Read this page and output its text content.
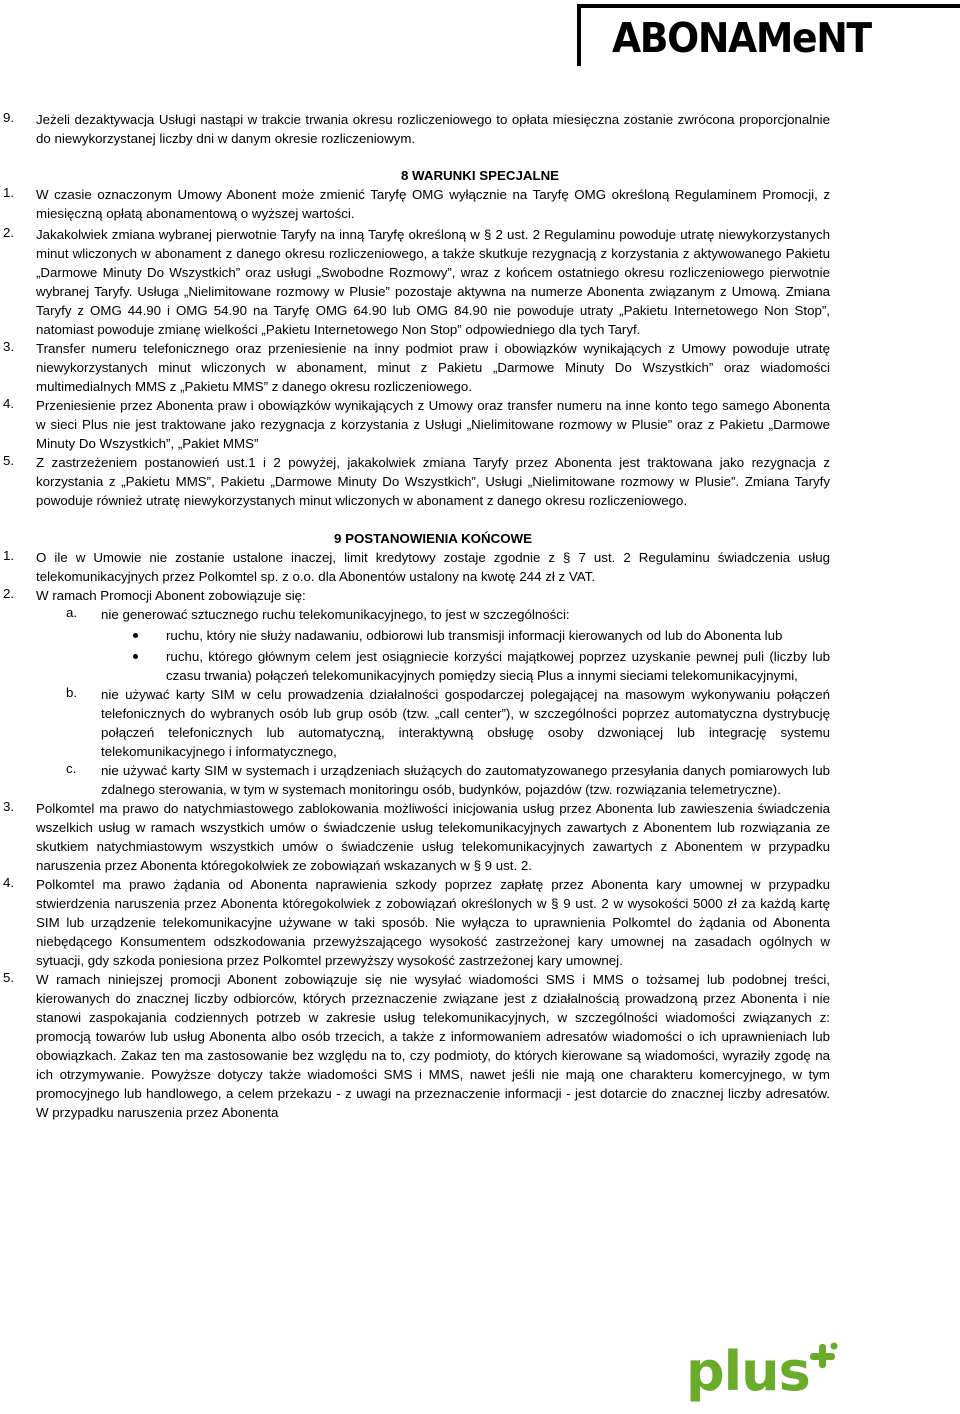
ABONAMeNT
9. Jeżeli dezaktywacja Usługi nastąpi w trakcie trwania okresu rozliczeniowego to opłata miesięczna zostanie zwrócona proporcjonalnie do niewykorzystanej liczby dni w danym okresie rozliczeniowym.

8 WARUNKI SPECJALNE

1. W czasie oznaczonym Umowy Abonent może zmienić Taryfę OMG wyłącznie na Taryfę OMG określoną Regulaminem Promocji, z miesięczną opłatą abonamentową o wyższej wartości.

2. Jakakolwiek zmiana wybranej pierwotnie Taryfy na inną Taryfę określoną w § 2 ust. 2 Regulaminu powoduje utratę niewykorzystanych minut wliczonych w abonament z danego okresu rozliczeniowego, a także skutkuje rezygnacją z korzystania z aktywowanego Pakietu „Darmowe Minuty Do Wszystkich” oraz usługi „Swobodne Rozmowy”, wraz z końcem ostatniego okresu rozliczeniowego pierwotnie wybranej Taryfy. Usługa „Nielimitowane rozmowy w Plusie” pozostaje aktywna na numerze Abonenta związanym z Umową. Zmiana Taryfy z OMG 44.90 i OMG 54.90 na Taryfę OMG 64.90 lub OMG 84.90 nie powoduje utraty „Pakietu Internetowego Non Stop”, natomiast powoduje zmianę wielkości „Pakietu Internetowego Non Stop” odpowiedniego dla tych Taryf.

3. Transfer numeru telefonicznego oraz przeniesienie na inny podmiot praw i obowiązków wynikających z Umowy powoduje utratę niewykorzystanych minut wliczonych w abonament, minut z Pakietu „Darmowe Minuty Do Wszystkich” oraz wiadomości multimedialnych MMS z „Pakietu MMS” z danego okresu rozliczeniowego.

4. Przeniesienie przez Abonenta praw i obowiązków wynikających z Umowy oraz transfer numeru na inne konto tego samego Abonenta w sieci Plus nie jest traktowane jako rezygnacja z korzystania z Usługi „Nielimitowane rozmowy w Plusie” oraz z Pakietu „Darmowe Minuty Do Wszystkich”, „Pakiet MMS”

5. Z zastrzeżeniem postanowień ust.1 i 2 powyżej, jakakolwiek zmiana Taryfy przez Abonenta jest traktowana jako rezygnacja z korzystania z „Pakietu MMS”, Pakietu „Darmowe Minuty Do Wszystkich”, Usługi „Nielimitowane rozmowy w Plusie”. Zmiana Taryfy powoduje również utratę niewykorzystanych minut wliczonych w abonament z danego okresu rozliczeniowego.

9 POSTANOWIENIA KOŃCOWE

1. O ile w Umowie nie zostanie ustalone inaczej, limit kredytowy zostaje zgodnie z § 7 ust. 2 Regulaminu świadczenia usług telekomunikacyjnych przez Polkomtel sp. z o.o. dla Abonentów ustalony na kwotę 244 zł z VAT.

2. W ramach Promocji Abonent zobowiązuje się:

a. nie generować sztucznego ruchu telekomunikacyjnego, to jest w szczególności:

ruchu, który nie służy nadawaniu, odbiorowi lub transmisji informacji kierowanych od lub do Abonenta lub

ruchu, którego głównym celem jest osiągniecie korzyści majątkowej poprzez uzyskanie pewnej puli (liczby lub czasu trwania) połączeń telekomunikacyjnych pomiędzy siecią Plus a innymi sieciami telekomunikacyjnymi,

b. nie używać karty SIM w celu prowadzenia działalności gospodarczej polegającej na masowym wykonywaniu połączeń telefonicznych do wybranych osób lub grup osób (tzw. „call center”), w szczególności poprzez automatyczna dystrybucję połączeń telefonicznych lub automatyczną, interaktywną obsługę osoby dzwoniącej lub integrację systemu telekomunikacyjnego i informatycznego,

c. nie używać karty SIM w systemach i urządzeniach służących do zautomatyzowanego przesyłania danych pomiarowych lub zdalnego sterowania, w tym w systemach monitoringu osób, budynków, pojazdów (tzw. rozwiązania telemetryczne).

3. Polkomtel ma prawo do natychmiastowego zablokowania możliwości inicjowania usług przez Abonenta lub zawieszenia świadczenia wszelkich usług w ramach wszystkich umów o świadczenie usług telekomunikacyjnych zawartych z Abonentem lub rozwiązania ze skutkiem natychmiastowym wszystkich umów o świadczenie usług telekomunikacyjnych zawartych z Abonentem w przypadku naruszenia przez Abonenta któregokolwiek ze zobowiązań wskazanych w § 9 ust. 2.

4. Polkomtel ma prawo żądania od Abonenta naprawienia szkody poprzez zapłatę przez Abonenta kary umownej w przypadku stwierdzenia naruszenia przez Abonenta któregokolwiek z zobowiązań określonych w § 9 ust. 2 w wysokości 5000 zł za każdą kartę SIM lub urządzenie telekomunikacyjne używane w taki sposób. Nie wyłącza to uprawnienia Polkomtel do żądania od Abonenta niebędącego Konsumentem odszkodowania przewyższającego wysokość zastrzeżonej kary umownej na zasadach ogólnych w sytuacji, gdy szkoda poniesiona przez Polkomtel przewyższy wysokość zastrzeżonej kary umownej.

5. W ramach niniejszej promocji Abonent zobowiązuje się nie wysyłać wiadomości SMS i MMS o tożsamej lub podobnej treści, kierowanych do znacznej liczby odbiorców, których przeznaczenie związane jest z działalnością prowadzoną przez Abonenta i nie stanowi zaspokajania codziennych potrzeb w zakresie usług telekomunikacyjnych, w szczególności wiadomości związanych z: promocją towarów lub usług Abonenta albo osób trzecich, a także z informowaniem adresatów wiadomości o ich uprawnieniach lub obowiązkach. Zakaz ten ma zastosowanie bez względu na to, czy podmioty, do których kierowane są wiadomości, wyraziły zgodę na ich otrzymywanie. Powyższe dotyczy także wiadomości SMS i MMS, nawet jeśli nie mają one charakteru komercyjnego, w tym promocyjnego lub handlowego, a celem przekazu - z uwagi na przeznaczenie informacji - jest dotarcie do znacznej liczby adresatów. W przypadku naruszenia przez Abonenta

plus
